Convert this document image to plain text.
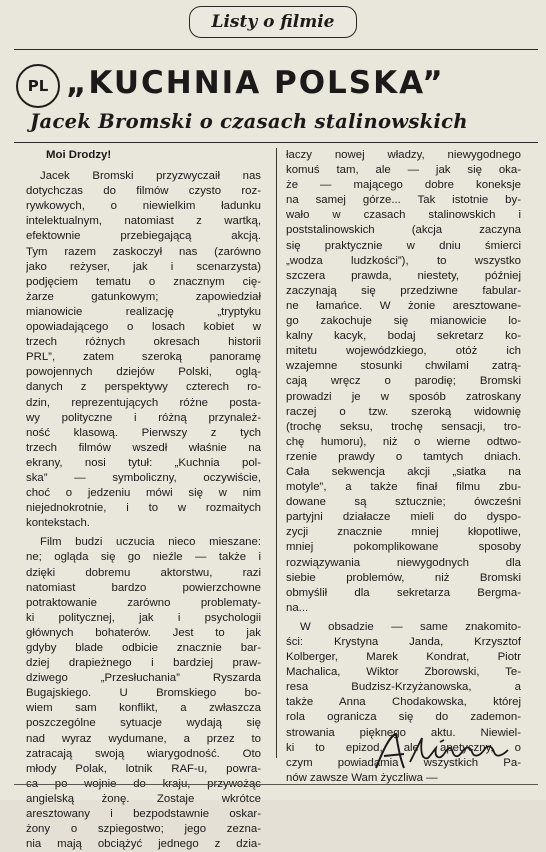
Listy o filmie
PL „KUCHNIA POLSKA”
Jacek Bromski o czasach stalinowskich
Moi Drodzy!
Jacek Bromski przyzwyczaił nas
dotychczas do filmów czysto roz-
rywkowych, o niewielkim ładunku
intelektualnym, natomiast z wartką,
efektownie przebiegającą akcją.
Tym razem zaskoczył nas (zarówno
jako reżyser, jak i scenarzysta)
podjęciem tematu o znacznym cię-
żarze gatunkowym; zapowiedział
mianowicie realizację „tryptyku
opowiadającego o losach kobiet w
trzech różnych okresach historii
PRL”, zatem szeroką panoramę
powojennych dziejów Polski, oglą-
danych z perspektywy czterech ro-
dzin, reprezentujących różne posta-
wy polityczne i różną przynależ-
ność klasową. Pierwszy z tych
trzech filmów wszedł właśnie na
ekrany, nosi tytuł: „Kuchnia pol-
ska” — symboliczny, oczywiście,
choć o jedzeniu mówi się w nim
niejednokrotnie, i to w rozmaitych
kontekstach.
Film budzi uczucia nieco mieszane:
ne; ogląda się go nieźle — także i
dzięki dobremu aktorstwu, razi
natomiast bardzo powierzchowne
potraktowanie zarówno problematy-
ki politycznej, jak i psychologii
głównych bohaterów. Jest to jak
gdyby blade odbicie znacznie bar-
dziej drapieżnego i bardziej praw-
dziwego „Przesłuchania” Ryszarda
Bugajskiego. U Bromskiego bo-
wiem sam konflikt, a zwłaszcza
poszczególne sytuacje wydają się
nad wyraz wydumane, a przez to
zatracają swoją wiarygodność. Oto
młody Polak, lotnik RAF-u, powra-
ca po wojnie do kraju, przywożąc
angielską żonę. Zostaje wkrótce
aresztowany i bezpodstawnie oskar-
żony o szpiegostwo; jego zezna-
nia mają obciążyć jednego z dzia-
łaczy nowej władzy, niewygodnego
komuś tam, ale — jak się oka-
że — mającego dobre koneksje
na samej górze... Tak istotnie by-
wało w czasach stalinowskich i
poststalinowskich (akcja zaczyna
się praktycznie w dniu śmierci
„wodza ludzkości”), to wszystko
szczera prawda, niestety, później
zaczynają się przedziwne fabular-
ne łamańce. W żonie aresztowane-
go zakochuje się mianowicie lo-
kalny kacyk, bodaj sekretarz ko-
mitetu wojewódzkiego, otóż ich
wzajemne stosunki chwilami zatrą-
cają wręcz o parodię; Bromski
prowadzi je w sposób zatroskany
raczej o tzw. szeroką widownię
(trochę seksu, trochę sensacji, tro-
chę humoru), niż o wierne odtwo-
rzenie prawdy o tamtych dniach.
Cała sekwencja akcji „siatka na
motyle”, a także finał filmu zbu-
dowane są sztucznie; ówcześni
partyjni działacze mieli do dyspo-
zycji znacznie mniej kłopotliwe,
mniej pokomplikowane sposoby
rozwiązywania niewygodnych dla
siebie problemów, niż Bromski
obmyślił dla sekretarza Bergma-
na...
W obsadzie — same znakomito-
ści: Krystyna Janda, Krzysztof
Kolberger, Marek Kondrat, Piotr
Machalica, Wiktor Zborowski, Te-
resa Budzisz-Krzyżanowska, a
także Anna Chodakowska, której
rola ogranicza się do zademon-
strowania pięknego aktu. Niewiel-
ki to epizod, ale apetyczny, o
czym powiadamia wszystkich Pa-
nów zawsze Wam życzliwa —
